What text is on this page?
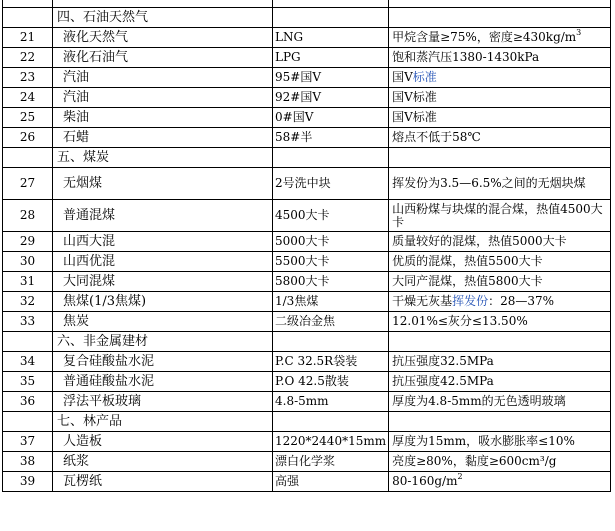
	四、石油天然气		
21	液化天然气	LNG	甲烷含量≥75%，密度$\ge 430kg/m^3$
22	液化石油气	LPG	饱和蒸汽压1380-1430kPa
23	汽油	95#国Ⅴ	国Ⅴ标准
24	汽油	92#国Ⅴ	国Ⅴ标准
25	柴油	0#国Ⅴ	国Ⅴ标准
26	石蜡	58#半	熔点不低于58℃
	五、煤炭		
27	无烟煤	2号洗中块	挥发份为3.5—6.5%之间的无烟块煤
28	普通混煤	4500大卡	山西粉煤与块煤的混合煤，热值4500大卡
29	山西大混	5000大卡	质量较好的混煤，热值5000大卡
30	山西优混	5500大卡	优质的混煤，热值5500大卡
31	大同混煤	5800大卡	大同产混煤，热值5800大卡
32	焦煤(1/3焦煤)	1/3焦煤	干燥无灰基挥发份：28—37%
33	焦炭	二级冶金焦	12.01%≤灰分≤13.50%
	六、非金属建材		
34	复合硅酸盐水泥	P.C 32.5R袋装	抗压强度32.5MPa
35	普通硅酸盐水泥	P.O 42.5散装	抗压强度42.5MPa
36	浮法平板玻璃	4.8-5mm	厚度为4.8-5mm的无色透明玻璃
	七、林产品		
37	人造板	1220*2440*15mm	厚度为15mm，吸水膨胀率≤10%
38	纸浆	漂白化学浆	亮度≥80%，黏度≥600cm³/g
39	瓦楞纸	高强	$80-160g/m^2$
